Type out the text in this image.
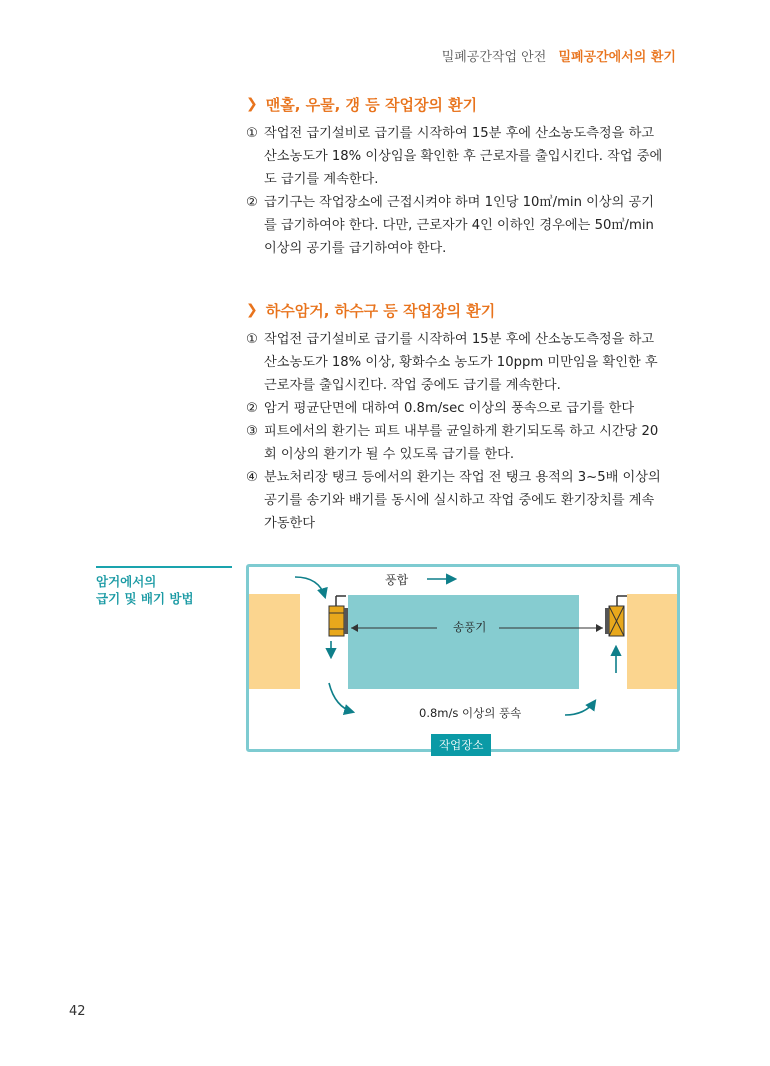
밀폐공간작업 안전 밀폐공간에서의 환기
❯ 맨홀, 우물, 갱 등 작업장의 환기
① 작업전 급기설비로 급기를 시작하여 15분 후에 산소농도측정을 하고
산소농도가 18% 이상임을 확인한 후 근로자를 출입시킨다. 작업 중에
도 급기를 계속한다.
② 급기구는 작업장소에 근접시켜야 하며 1인당 10㎥/min 이상의 공기
를 급기하여야 한다. 다만, 근로자가 4인 이하인 경우에는 50㎥/min
이상의 공기를 급기하여야 한다.
❯ 하수암거, 하수구 등 작업장의 환기
① 작업전 급기설비로 급기를 시작하여 15분 후에 산소농도측정을 하고
산소농도가 18% 이상, 황화수소 농도가 10ppm 미만임을 확인한 후
근로자를 출입시킨다. 작업 중에도 급기를 계속한다.
② 암거 평균단면에 대하여 0.8m/sec 이상의 풍속으로 급기를 한다
③ 피트에서의 환기는 피트 내부를 균일하게 환기되도록 하고 시간당 20
회 이상의 환기가 될 수 있도록 급기를 한다.
④ 분뇨처리장 탱크 등에서의 환기는 작업 전 탱크 용적의 3~5배 이상의
공기를 송기와 배기를 동시에 실시하고 작업 중에도 환기장치를 계속
가동한다
암거에서의
급기 및 배기 방법
풍합
송풍기
0.8m/s 이상의 풍속
작업장소
42
